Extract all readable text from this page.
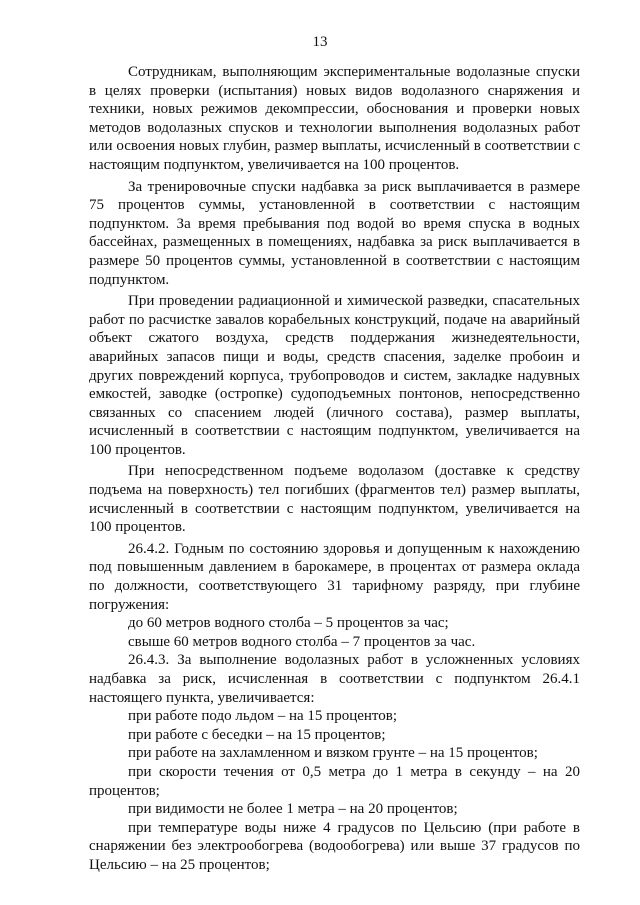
13

Сотрудникам, выполняющим экспериментальные водолазные спуски в целях проверки (испытания) новых видов водолазного снаряжения и техники, новых режимов декомпрессии, обоснования и проверки новых методов водолазных спусков и технологии выполнения водолазных работ или освоения новых глубин, размер выплаты, исчисленный в соответствии с настоящим подпунктом, увеличивается на 100 процентов.

За тренировочные спуски надбавка за риск выплачивается в размере 75 процентов суммы, установленной в соответствии с настоящим подпунктом. За время пребывания под водой во время спуска в водных бассейнах, размещенных в помещениях, надбавка за риск выплачивается в размере 50 процентов суммы, установленной в соответствии с настоящим подпунктом.

При проведении радиационной и химической разведки, спасательных работ по расчистке завалов корабельных конструкций, подаче на аварийный объект сжатого воздуха, средств поддержания жизнедеятельности, аварийных запасов пищи и воды, средств спасения, заделке пробоин и других повреждений корпуса, трубопроводов и систем, закладке надувных емкостей, заводке (остропке) судоподъемных понтонов, непосредственно связанных со спасением людей (личного состава), размер выплаты, исчисленный в соответствии с настоящим подпунктом, увеличивается на 100 процентов.

При непосредственном подъеме водолазом (доставке к средству подъема на поверхность) тел погибших (фрагментов тел) размер выплаты, исчисленный в соответствии с настоящим подпунктом, увеличивается на 100 процентов.

26.4.2. Годным по состоянию здоровья и допущенным к нахождению под повышенным давлением в барокамере, в процентах от размера оклада по должности, соответствующего 31 тарифному разряду, при глубине погружения:

до 60 метров водного столба – 5 процентов за час;

свыше 60 метров водного столба – 7 процентов за час.

26.4.3. За выполнение водолазных работ в усложненных условиях надбавка за риск, исчисленная в соответствии с подпунктом 26.4.1 настоящего пункта, увеличивается:

при работе подо льдом – на 15 процентов;

при работе с беседки – на 15 процентов;

при работе на захламленном и вязком грунте – на 15 процентов;

при скорости течения от 0,5 метра до 1 метра в секунду – на 20 процентов;

при видимости не более 1 метра – на 20 процентов;

при температуре воды ниже 4 градусов по Цельсию (при работе в снаряжении без электрообогрева (водообогрева) или выше 37 градусов по Цельсию – на 25 процентов;
